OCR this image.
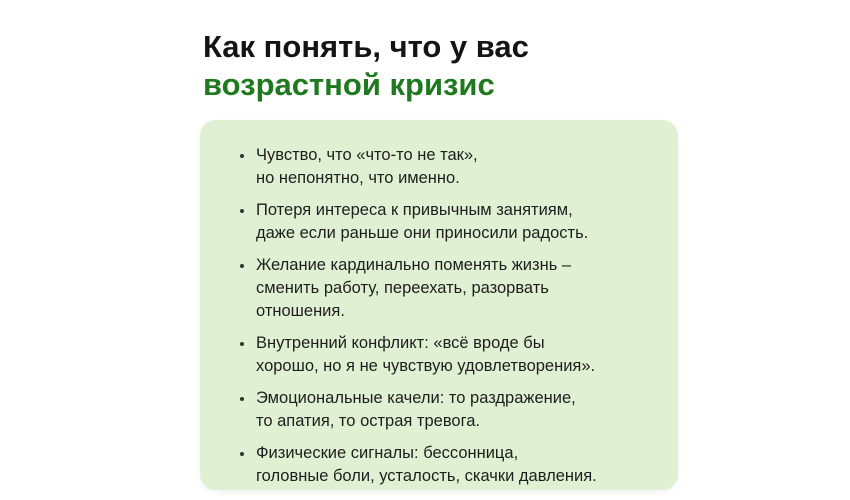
Как понять, что у вас

возрастной кризис

Чувство, что «что-то не так»,
но непонятно, что именно.
Потеря интереса к привычным занятиям,
даже если раньше они приносили радость.
Желание кардинально поменять жизнь –
сменить работу, переехать, разорвать
отношения.
Внутренний конфликт: «всё вроде бы
хорошо, но я не чувствую удовлетворения».
Эмоциональные качели: то раздражение,
то апатия, то острая тревога.
Физические сигналы: бессонница,
головные боли, усталость, скачки давления.
